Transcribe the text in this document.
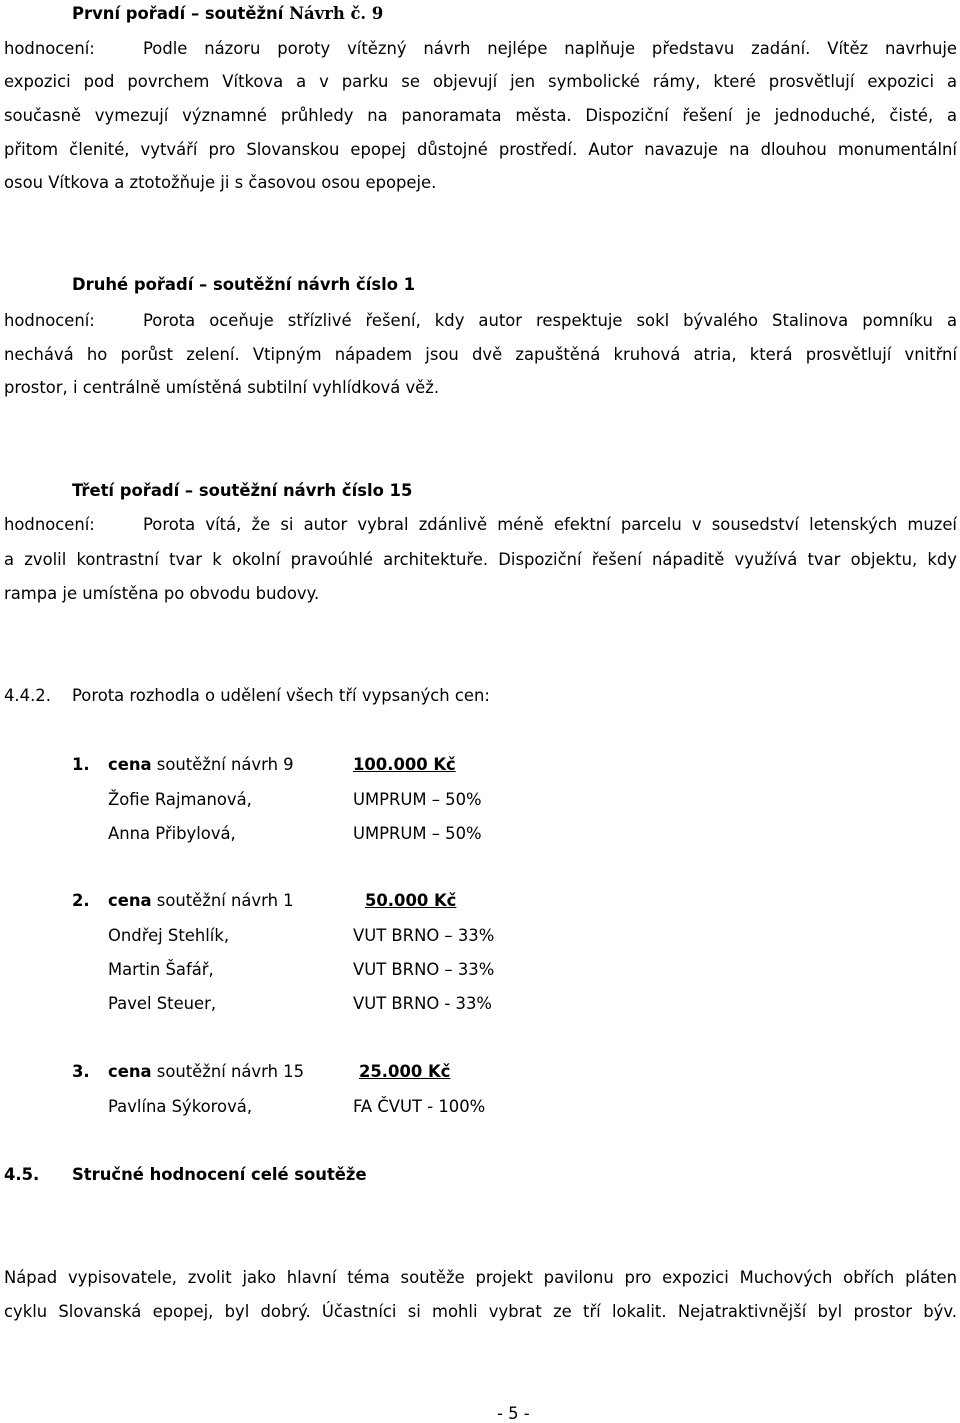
První pořadí – soutěžní Návrh č. 9
hodnocení:	Podle názoru poroty vítězný návrh nejlépe naplňuje představu zadání. Vítěz navrhuje
expozici pod povrchem Vítkova a v parku se objevují jen symbolické rámy, které prosvětlují expozici a
současně vymezují významné průhledy na panoramata města. Dispoziční řešení je jednoduché, čisté, a
přitom členité, vytváří pro Slovanskou epopej důstojné prostředí. Autor navazuje na dlouhou monumentální
osou Vítkova a ztotožňuje ji s časovou osou epopeje.
Druhé pořadí – soutěžní návrh číslo 1
hodnocení:	Porota oceňuje střízlivé řešení, kdy autor respektuje sokl bývalého Stalinova pomníku a
nechává ho porůst zelení. Vtipným nápadem jsou dvě zapuštěná kruhová atria, která prosvětlují vnitřní
prostor, i centrálně umístěná subtilní vyhlídková věž.
Třetí pořadí – soutěžní návrh číslo 15
hodnocení:	Porota vítá, že si autor vybral zdánlivě méně efektní parcelu v sousedství letenských muzeí
a zvolil kontrastní tvar k okolní pravoúhlé architektuře. Dispoziční řešení nápaditě využívá tvar objektu, kdy
rampa je umístěna po obvodu budovy.
4.4.2. Porota rozhodla o udělení všech tří vypsaných cen:
1. cena soutěžní návrh 9	100.000 Kč
Žofie Rajmanová,	UMPRUM – 50%
Anna Přibylová,	UMPRUM – 50%
2. cena soutěžní návrh 1	50.000 Kč
Ondřej Stehlík,	VUT BRNO – 33%
Martin Šafář,	VUT BRNO – 33%
Pavel Steuer,	VUT BRNO - 33%
3. cena soutěžní návrh 15	25.000 Kč
Pavlína Sýkorová,	FA ČVUT - 100%
4.5. Stručné hodnocení celé soutěže
Nápad vypisovatele, zvolit jako hlavní téma soutěže projekt pavilonu pro expozici Muchových obřích pláten
cyklu Slovanská epopej, byl dobrý. Účastníci si mohli vybrat ze tří lokalit. Nejatraktivnější byl prostor býv.
- 5 -
